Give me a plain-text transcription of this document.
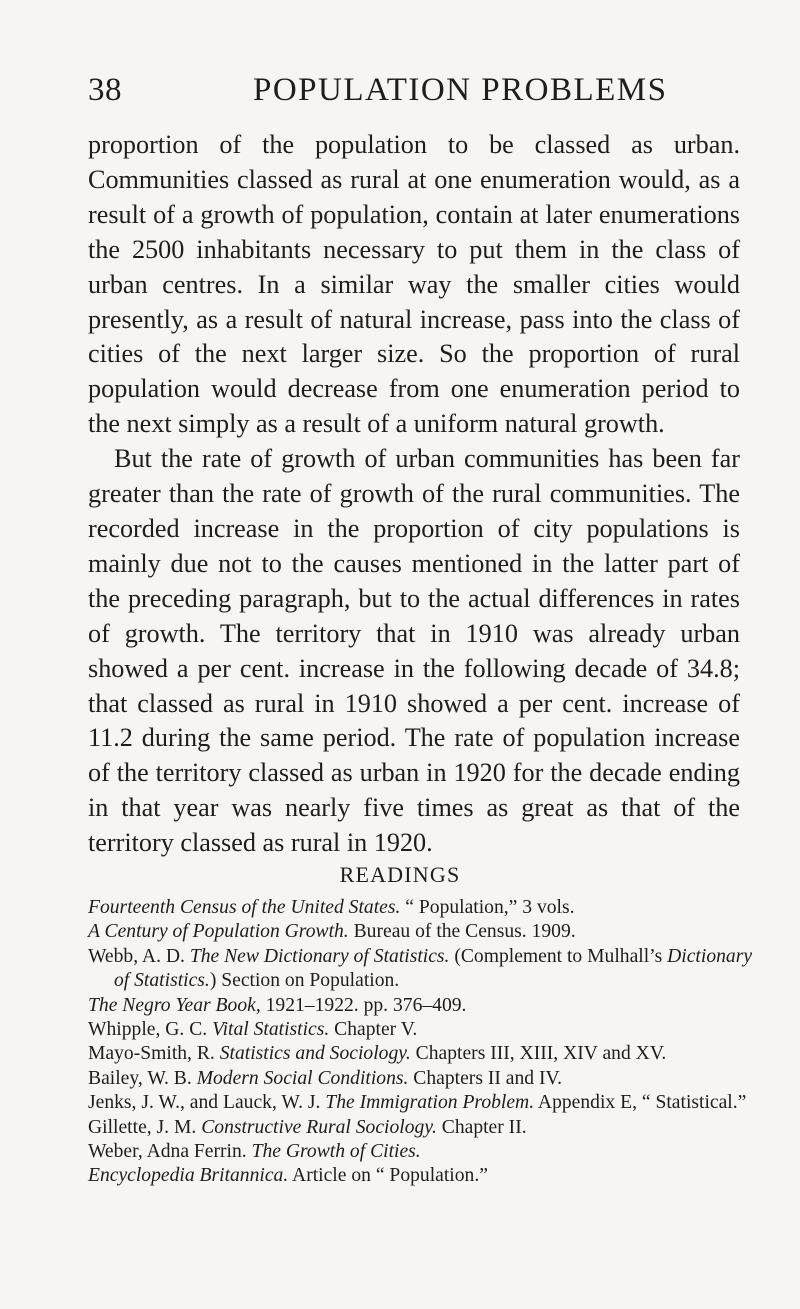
38	POPULATION PROBLEMS

proportion of the population to be classed as urban. Communities classed as rural at one enumeration would, as a result of a growth of population, contain at later enumerations the 2500 inhabitants necessary to put them in the class of urban centres. In a similar way the smaller cities would presently, as a result of natural increase, pass into the class of cities of the next larger size. So the proportion of rural population would decrease from one enumeration period to the next simply as a result of a uniform natural growth.

But the rate of growth of urban communities has been far greater than the rate of growth of the rural communities. The recorded increase in the proportion of city populations is mainly due not to the causes mentioned in the latter part of the preceding paragraph, but to the actual differences in rates of growth. The territory that in 1910 was already urban showed a per cent. increase in the following decade of 34.8; that classed as rural in 1910 showed a per cent. increase of 11.2 during the same period. The rate of population increase of the territory classed as urban in 1920 for the decade ending in that year was nearly five times as great as that of the territory classed as rural in 1920.

READINGS
Fourteenth Census of the United States. “ Population,” 3 vols.
A Century of Population Growth. Bureau of the Census. 1909.
Webb, A. D. The New Dictionary of Statistics. (Complement to Mulhall’s Dictionary of Statistics.) Section on Population.
The Negro Year Book, 1921–1922. pp. 376–409.
Whipple, G. C. Vital Statistics. Chapter V.
Mayo-Smith, R. Statistics and Sociology. Chapters III, XIII, XIV and XV.
Bailey, W. B. Modern Social Conditions. Chapters II and IV.
Jenks, J. W., and Lauck, W. J. The Immigration Problem. Appendix E, “ Statistical.”
Gillette, J. M. Constructive Rural Sociology. Chapter II.
Weber, Adna Ferrin. The Growth of Cities.
Encyclopedia Britannica. Article on “ Population.”
